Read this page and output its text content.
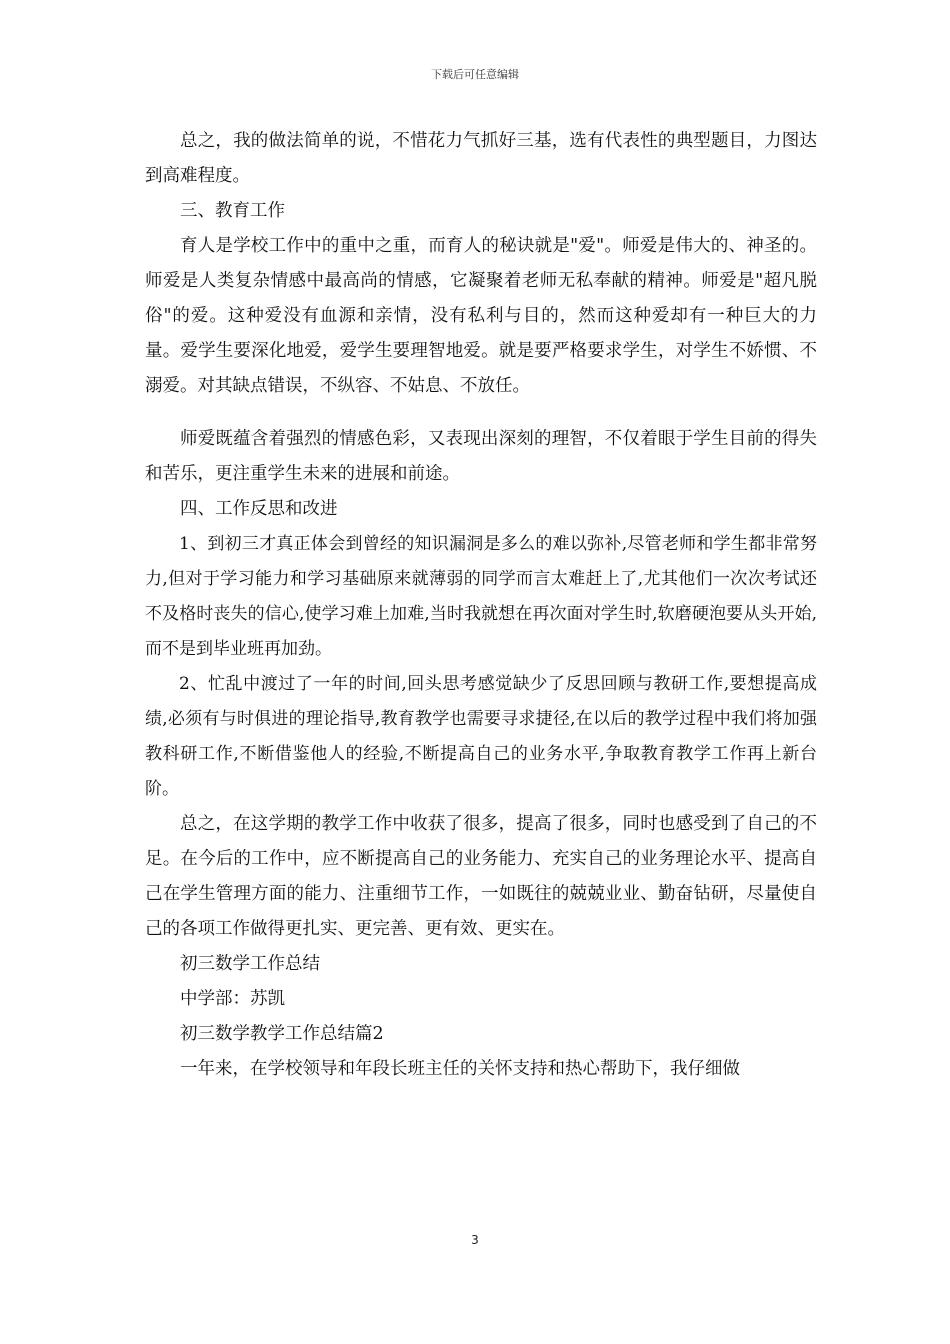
下载后可任意编辑

总之，我的做法简单的说，不惜花力气抓好三基，选有代表性的典型题目，力图达到高难程度。

三、教育工作

育人是学校工作中的重中之重，而育人的秘诀就是"爱"。师爱是伟大的、神圣的。师爱是人类复杂情感中最高尚的情感，它凝聚着老师无私奉献的精神。师爱是"超凡脱俗"的爱。这种爱没有血源和亲情，没有私利与目的，然而这种爱却有一种巨大的力量。爱学生要深化地爱，爱学生要理智地爱。就是要严格要求学生，对学生不娇惯、不溺爱。对其缺点错误，不纵容、不姑息、不放任。

师爱既蕴含着强烈的情感色彩，又表现出深刻的理智，不仅着眼于学生目前的得失和苦乐，更注重学生未来的进展和前途。

四、工作反思和改进

1、到初三才真正体会到曾经的知识漏洞是多么的难以弥补,尽管老师和学生都非常努力,但对于学习能力和学习基础原来就薄弱的同学而言太难赶上了,尤其他们一次次考试还不及格时丧失的信心,使学习难上加难,当时我就想在再次面对学生时,软磨硬泡要从头开始,而不是到毕业班再加劲。

2、忙乱中渡过了一年的时间,回头思考感觉缺少了反思回顾与教研工作,要想提高成绩,必须有与时俱进的理论指导,教育教学也需要寻求捷径,在以后的教学过程中我们将加强教科研工作,不断借鉴他人的经验,不断提高自己的业务水平,争取教育教学工作再上新台阶。

总之，在这学期的教学工作中收获了很多，提高了很多，同时也感受到了自己的不足。在今后的工作中，应不断提高自己的业务能力、充实自己的业务理论水平、提高自己在学生管理方面的能力、注重细节工作，一如既往的兢兢业业、勤奋钻研，尽量使自己的各项工作做得更扎实、更完善、更有效、更实在。

初三数学工作总结

中学部：苏凯

初三数学教学工作总结篇2

一年来，在学校领导和年段长班主任的关怀支持和热心帮助下，我仔细做

3
